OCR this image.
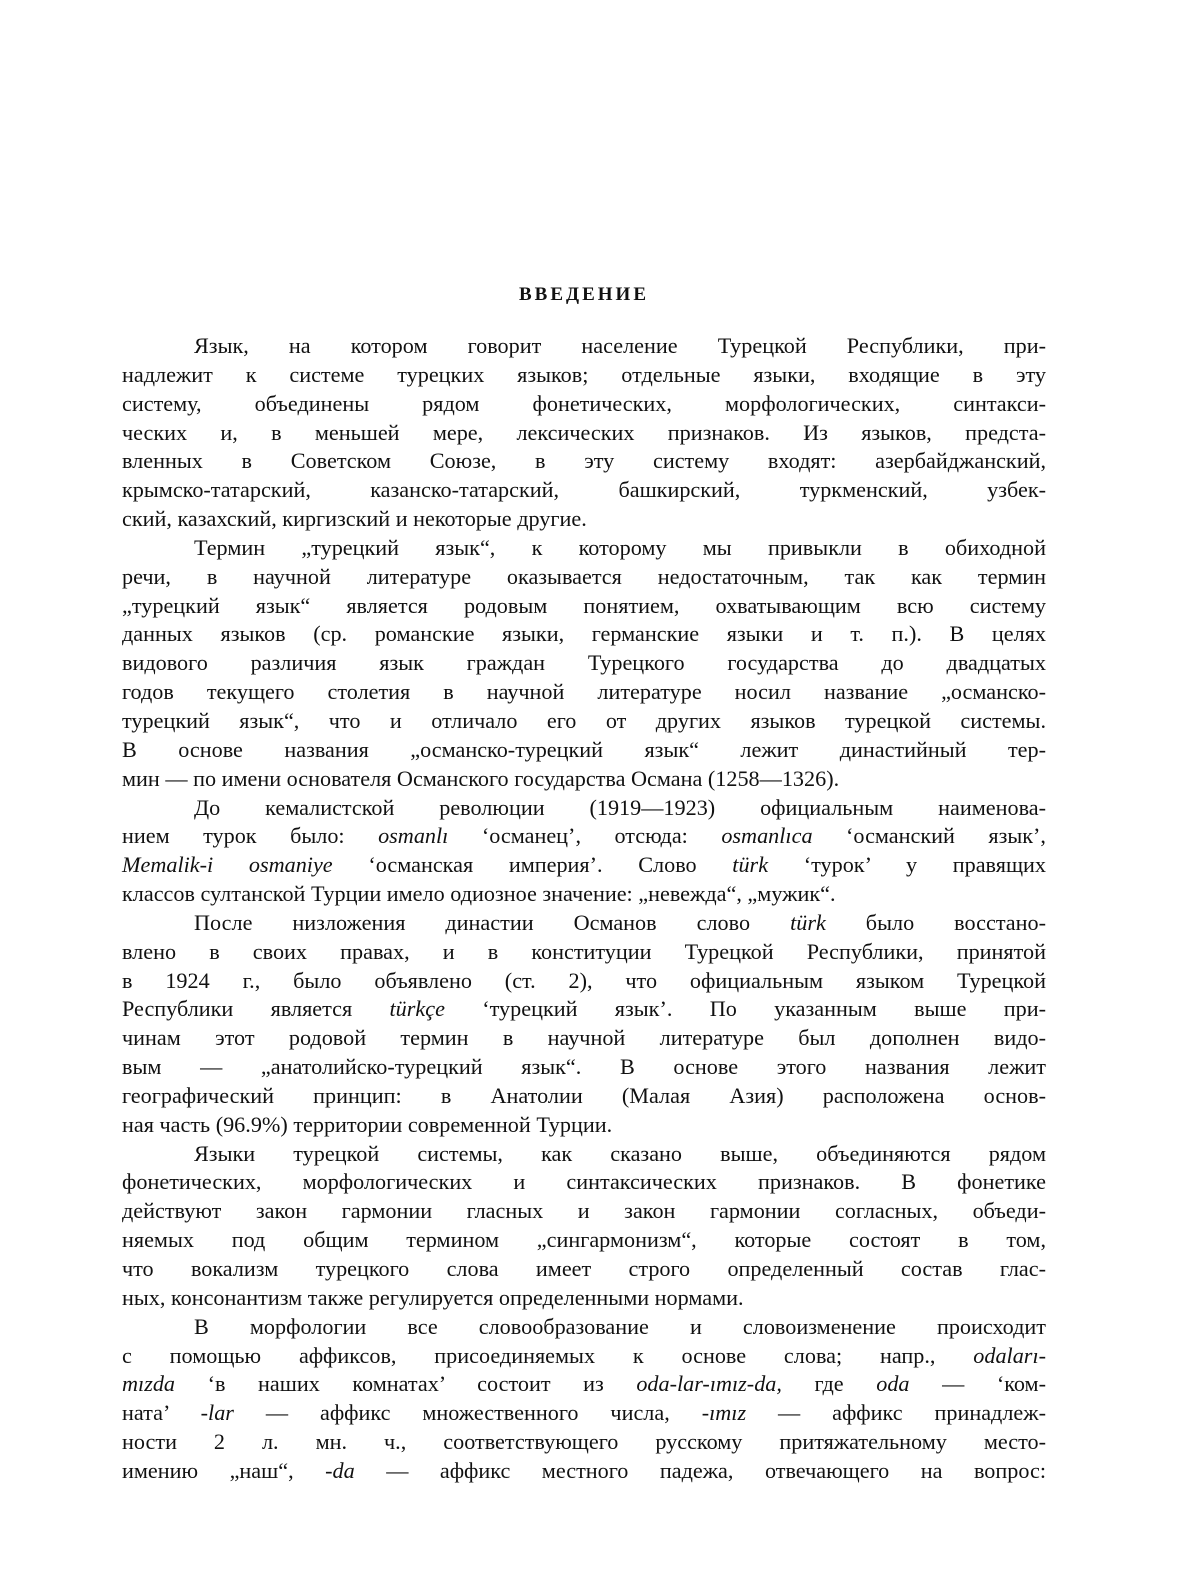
ВВЕДЕНИЕ
Язык, на котором говорит население Турецкой Республики, при-
надлежит к системе турецких языков; отдельные языки, входящие в эту
систему, объединены рядом фонетических, морфологических, синтакси-
ческих и, в меньшей мере, лексических признаков. Из языков, предста-
вленных в Советском Союзе, в эту систему входят: азербайджанский,
крымско-татарский, казанско-татарский, башкирский, туркменский, узбек-
ский, казахский, киргизский и некоторые другие.
Термин „турецкий язык“, к которому мы привыкли в обиходной
речи, в научной литературе оказывается недостаточным, так как термин
„турецкий язык“ является родовым понятием, охватывающим всю систему
данных языков (ср. романские языки, германские языки и т. п.). В целях
видового различия язык граждан Турецкого государства до двадцатых
годов текущего столетия в научной литературе носил название „османско-
турецкий язык“, что и отличало его от других языков турецкой системы.
В основе названия „османско-турецкий язык“ лежит династийный тер-
мин — по имени основателя Османского государства Османа (1258—1326).
До кемалистской революции (1919—1923) официальным наименова-
нием турок было: osmanlı ‘османец’, отсюда: osmanlıca ‘османский язык’,
Memalik-i osmaniye ‘османская империя’. Слово türk ‘турок’ у правящих
классов султанской Турции имело одиозное значение: „невежда“, „мужик“.
После низложения династии Османов слово türk было восстано-
влено в своих правах, и в конституции Турецкой Республики, принятой
в 1924 г., было объявлено (ст. 2), что официальным языком Турецкой
Республики является türkçe ‘турецкий язык’. По указанным выше при-
чинам этот родовой термин в научной литературе был дополнен видо-
вым — „анатолийско-турецкий язык“. В основе этого названия лежит
географический принцип: в Анатолии (Малая Азия) расположена основ-
ная часть (96.9%) территории современной Турции.
Языки турецкой системы, как сказано выше, объединяются рядом
фонетических, морфологических и синтаксических признаков. В фонетике
действуют закон гармонии гласных и закон гармонии согласных, объеди-
няемых под общим термином „сингармонизм“, которые состоят в том,
что вокализм турецкого слова имеет строго определенный состав глас-
ных, консонантизм также регулируется определенными нормами.
В морфологии все словообразование и словоизменение происходит
с помощью аффиксов, присоединяемых к основе слова; напр., odaları-
mızda ‘в наших комнатах’ состоит из oda-lar-ımız-da, где oda — ‘ком-
ната’ -lar — аффикс множественного числа, -ımız — аффикс принадлеж-
ности 2 л. мн. ч., соответствующего русскому притяжательному место-
имению „наш“, -da — аффикс местного падежа, отвечающего на вопрос:
